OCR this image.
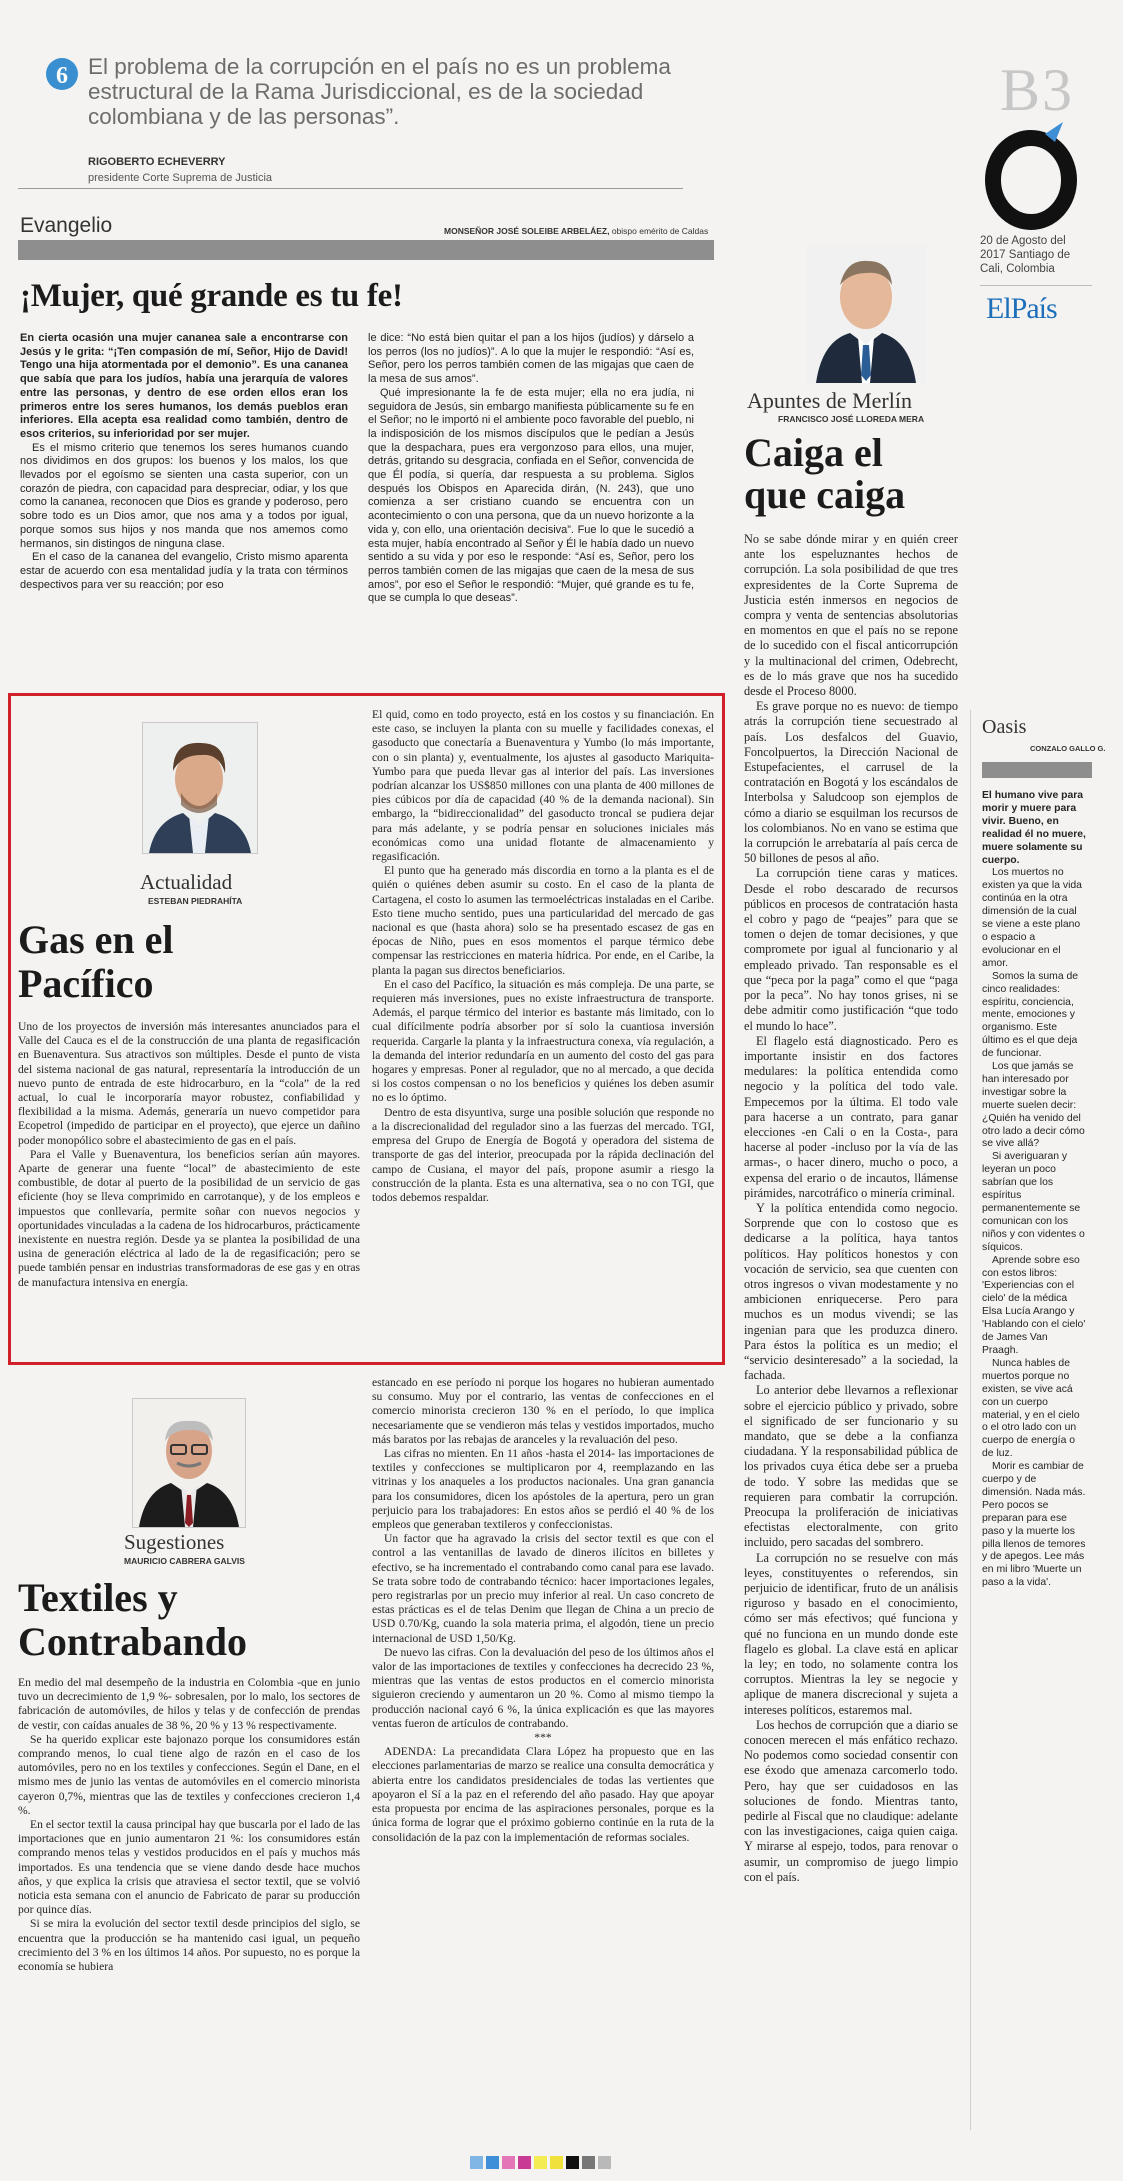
6 El problema de la corrupción en el país no es un problema estructural de la Rama Jurisdiccional, es de la sociedad colombiana y de las personas”.
RIGOBERTO ECHEVERRY
presidente Corte Suprema de Justicia
B3
20 de Agosto del 2017 Santiago de Cali, Colombia
ElPaís
Evangelio	MONSEÑOR JOSÉ SOLEIBE ARBELÁEZ, obispo emérito de Caldas
¡Mujer, qué grande es tu fe!

En cierta ocasión una mujer cananea sale a encontrarse con Jesús y le grita: “¡Ten compasión de mí, Señor, Hijo de David! Tengo una hija atormentada por el demonio”. Es una cananea que sabía que para los judíos, había una jerarquía de valores entre las personas, y dentro de ese orden ellos eran los primeros entre los seres humanos, los demás pueblos eran inferiores. Ella acepta esa realidad como también, dentro de esos criterios, su inferioridad por ser mujer.

Es el mismo criterio que tenemos los seres humanos cuando nos dividimos en dos grupos: los buenos y los malos, los que llevados por el egoísmo se sienten una casta superior, con un corazón de piedra, con capacidad para despreciar, odiar, y los que como la cananea, reconocen que Dios es grande y poderoso, pero sobre todo es un Dios amor, que nos ama y a todos por igual, porque somos sus hijos y nos manda que nos amemos como hermanos, sin distingos de ninguna clase.

En el caso de la cananea del evangelio, Cristo mismo aparenta estar de acuerdo con esa mentalidad judía y la trata con términos despectivos para ver su reacción; por eso

le dice: “No está bien quitar el pan a los hijos (judíos) y dárselo a los perros (los no judíos)”. A lo que la mujer le respondió: “Así es, Señor, pero los perros también comen de las migajas que caen de la mesa de sus amos”.

Qué impresionante la fe de esta mujer; ella no era judía, ni seguidora de Jesús, sin embargo manifiesta públicamente su fe en el Señor; no le importó ni el ambiente poco favorable del pueblo, ni la indisposición de los mismos discípulos que le pedían a Jesús que la despachara, pues era vergonzoso para ellos, una mujer, detrás, gritando su desgracia, confiada en el Señor, convencida de que Él podía, si quería, dar respuesta a su problema. Siglos después los Obispos en Aparecida dirán, (N. 243), que uno comienza a ser cristiano cuando se encuentra con un acontecimiento o con una persona, que da un nuevo horizonte a la vida y, con ello, una orientación decisiva”. Fue lo que le sucedió a esta mujer, había encontrado al Señor y Él le había dado un nuevo sentido a su vida y por eso le responde: “Así es, Señor, pero los perros también comen de las migajas que caen de la mesa de sus amos”, por eso el Señor le respondió: “Mujer, qué grande es tu fe, que se cumpla lo que deseas”.

Apuntes de Merlín
FRANCISCO JOSÉ LLOREDA MERA
Caiga el que caiga

No se sabe dónde mirar y en quién creer ante los espeluznantes hechos de corrupción. La sola posibilidad de que tres expresidentes de la Corte Suprema de Justicia estén inmersos en negocios de compra y venta de sentencias absolutorias en momentos en que el país no se repone de lo sucedido con el fiscal anticorrupción y la multinacional del crimen, Odebrecht, es de lo más grave que nos ha sucedido desde el Proceso 8000.

Es grave porque no es nuevo: de tiempo atrás la corrupción tiene secuestrado al país. Los desfalcos del Guavio, Foncolpuertos, la Dirección Nacional de Estupefacientes, el carrusel de la contratación en Bogotá y los escándalos de Interbolsa y Saludcoop son ejemplos de cómo a diario se esquilman los recursos de los colombianos. No en vano se estima que la corrupción le arrebataría al país cerca de 50 billones de pesos al año.

La corrupción tiene caras y matices. Desde el robo descarado de recursos públicos en procesos de contratación hasta el cobro y pago de “peajes” para que se tomen o dejen de tomar decisiones, y que compromete por igual al funcionario y al empleado privado. Tan responsable es el que “peca por la paga” como el que “paga por la peca”. No hay tonos grises, ni se debe admitir como justificación “que todo el mundo lo hace”.

El flagelo está diagnosticado. Pero es importante insistir en dos factores medulares: la política entendida como negocio y la política del todo vale. Empecemos por la última. El todo vale para hacerse a un contrato, para ganar elecciones -en Cali o en la Costa-, para hacerse al poder -incluso por la vía de las armas-, o hacer dinero, mucho o poco, a expensa del erario o de incautos, llámense pirámides, narcotráfico o minería criminal.

Y la política entendida como negocio. Sorprende que con lo costoso que es dedicarse a la política, haya tantos políticos. Hay políticos honestos y con vocación de servicio, sea que cuenten con otros ingresos o vivan modestamente y no ambicionen enriquecerse. Pero para muchos es un modus vivendi; se las ingenian para que les produzca dinero. Para éstos la política es un medio; el “servicio desinteresado” a la sociedad, la fachada.

Lo anterior debe llevarnos a reflexionar sobre el ejercicio público y privado, sobre el significado de ser funcionario y su mandato, que se debe a la confianza ciudadana. Y la responsabilidad pública de los privados cuya ética debe ser a prueba de todo. Y sobre las medidas que se requieren para combatir la corrupción. Preocupa la proliferación de iniciativas efectistas electoralmente, con grito incluido, pero sacadas del sombrero.

La corrupción no se resuelve con más leyes, constituyentes o referendos, sin perjuicio de identificar, fruto de un análisis riguroso y basado en el conocimiento, cómo ser más efectivos; qué funciona y qué no funciona en un mundo donde este flagelo es global. La clave está en aplicar la ley; en todo, no solamente contra los corruptos. Mientras la ley se negocie y aplique de manera discrecional y sujeta a intereses políticos, estaremos mal.

Los hechos de corrupción que a diario se conocen merecen el más enfático rechazo. No podemos como sociedad consentir con ese éxodo que amenaza carcomerlo todo. Pero, hay que ser cuidadosos en las soluciones de fondo. Mientras tanto, pedirle al Fiscal que no claudique: adelante con las investigaciones, caiga quien caiga. Y mirarse al espejo, todos, para renovar o asumir, un compromiso de juego limpio con el país.

Oasis
CONZALO GALLO G.

El humano vive para morir y muere para vivir. Bueno, en realidad él no muere, muere solamente su cuerpo.

Los muertos no existen ya que la vida continúa en la otra dimensión de la cual se viene a este plano o espacio a evolucionar en el amor.

Somos la suma de cinco realidades: espíritu, conciencia, mente, emociones y organismo. Este último es el que deja de funcionar.

Los que jamás se han interesado por investigar sobre la muerte suelen decir: ¿Quién ha venido del otro lado a decir cómo se vive allá?

Si averiguaran y leyeran un poco sabrían que los espíritus permanentemente se comunican con los niños y con videntes o síquicos.

Aprende sobre eso con estos libros: 'Experiencias con el cielo' de la médica Elsa Lucía Arango y 'Hablando con el cielo' de James Van Praagh.

Nunca hables de muertos porque no existen, se vive acá con un cuerpo material, y en el cielo o el otro lado con un cuerpo de energía o de luz.

Morir es cambiar de cuerpo y de dimensión. Nada más. Pero pocos se preparan para ese paso y la muerte los pilla llenos de temores y de apegos. Lee más en mi libro 'Muerte un paso a la vida'.

Actualidad
ESTEBAN PIEDRAHÍTA
Gas en el
Pacífico

Uno de los proyectos de inversión más interesantes anunciados para el Valle del Cauca es el de la construcción de una planta de regasificación en Buenaventura. Sus atractivos son múltiples. Desde el punto de vista del sistema nacional de gas natural, representaría la introducción de un nuevo punto de entrada de este hidrocarburo, en la “cola” de la red actual, lo cual le incorporaría mayor robustez, confiabilidad y flexibilidad a la misma. Además, generaría un nuevo competidor para Ecopetrol (impedido de participar en el proyecto), que ejerce un dañino poder monopólico sobre el abastecimiento de gas en el país.

Para el Valle y Buenaventura, los beneficios serían aún mayores. Aparte de generar una fuente “local” de abastecimiento de este combustible, de dotar al puerto de la posibilidad de un servicio de gas eficiente (hoy se lleva comprimido en carrotanque), y de los empleos e impuestos que conllevaría, permite soñar con nuevos negocios y oportunidades vinculadas a la cadena de los hidrocarburos, prácticamente inexistente en nuestra región. Desde ya se plantea la posibilidad de una usina de generación eléctrica al lado de la de regasificación; pero se puede también pensar en industrias transformadoras de ese gas y en otras de manufactura intensiva en energía.

El quid, como en todo proyecto, está en los costos y su financiación. En este caso, se incluyen la planta con su muelle y facilidades conexas, el gasoducto que conectaría a Buenaventura y Yumbo (lo más importante, con o sin planta) y, eventualmente, los ajustes al gasoducto Mariquita-Yumbo para que pueda llevar gas al interior del país. Las inversiones podrían alcanzar los US$850 millones con una planta de 400 millones de pies cúbicos por día de capacidad (40 % de la demanda nacional). Sin embargo, la “bidireccionalidad” del gasoducto troncal se pudiera dejar para más adelante, y se podría pensar en soluciones iniciales más económicas como una unidad flotante de almacenamiento y regasificación.

El punto que ha generado más discordia en torno a la planta es el de quién o quiénes deben asumir su costo. En el caso de la planta de Cartagena, el costo lo asumen las termoeléctricas instaladas en el Caribe. Esto tiene mucho sentido, pues una particularidad del mercado de gas nacional es que (hasta ahora) solo se ha presentado escasez de gas en épocas de Niño, pues en esos momentos el parque térmico debe compensar las restricciones en materia hídrica. Por ende, en el Caribe, la planta la pagan sus directos beneficiarios.

En el caso del Pacífico, la situación es más compleja. De una parte, se requieren más inversiones, pues no existe infraestructura de transporte. Además, el parque térmico del interior es bastante más limitado, con lo cual difícilmente podría absorber por sí solo la cuantiosa inversión requerida. Cargarle la planta y la infraestructura conexa, vía regulación, a la demanda del interior redundaría en un aumento del costo del gas para hogares y empresas. Poner al regulador, que no al mercado, a que decida si los costos compensan o no los beneficios y quiénes los deben asumir no es lo óptimo.

Dentro de esta disyuntiva, surge una posible solución que responde no a la discrecionalidad del regulador sino a las fuerzas del mercado. TGI, empresa del Grupo de Energía de Bogotá y operadora del sistema de transporte de gas del interior, preocupada por la rápida declinación del campo de Cusiana, el mayor del país, propone asumir a riesgo la construcción de la planta. Esta es una alternativa, sea o no con TGI, que todos debemos respaldar.

Sugestiones
MAURICIO CABRERA GALVIS
Textiles y
Contrabando

En medio del mal desempeño de la industria en Colombia -que en junio tuvo un decrecimiento de 1,9 %- sobresalen, por lo malo, los sectores de fabricación de automóviles, de hilos y telas y de confección de prendas de vestir, con caídas anuales de 38 %, 20 % y 13 % respectivamente.

Se ha querido explicar este bajonazo porque los consumidores están comprando menos, lo cual tiene algo de razón en el caso de los automóviles, pero no en los textiles y confecciones. Según el Dane, en el mismo mes de junio las ventas de automóviles en el comercio minorista cayeron 0,7%, mientras que las de textiles y confecciones crecieron 1,4 %.

En el sector textil la causa principal hay que buscarla por el lado de las importaciones que en junio aumentaron 21 %: los consumidores están comprando menos telas y vestidos producidos en el país y muchos más importados. Es una tendencia que se viene dando desde hace muchos años, y que explica la crisis que atraviesa el sector textil, que se volvió noticia esta semana con el anuncio de Fabricato de parar su producción por quince días.

Si se mira la evolución del sector textil desde principios del siglo, se encuentra que la producción se ha mantenido casi igual, un pequeño crecimiento del 3 % en los últimos 14 años. Por supuesto, no es porque la economía se hubiera

estancado en ese período ni porque los hogares no hubieran aumentado su consumo. Muy por el contrario, las ventas de confecciones en el comercio minorista crecieron 130 % en el período, lo que implica necesariamente que se vendieron más telas y vestidos importados, mucho más baratos por las rebajas de aranceles y la revaluación del peso.

Las cifras no mienten. En 11 años -hasta el 2014- las importaciones de textiles y confecciones se multiplicaron por 4, reemplazando en las vitrinas y los anaqueles a los productos nacionales. Una gran ganancia para los consumidores, dicen los apóstoles de la apertura, pero un gran perjuicio para los trabajadores: En estos años se perdió el 40 % de los empleos que generaban textileros y confeccionistas.

Un factor que ha agravado la crisis del sector textil es que con el control a las ventanillas de lavado de dineros ilícitos en billetes y efectivo, se ha incrementado el contrabando como canal para ese lavado. Se trata sobre todo de contrabando técnico: hacer importaciones legales, pero registrarlas por un precio muy inferior al real. Un caso concreto de estas prácticas es el de telas Denim que llegan de China a un precio de USD 0.70/Kg, cuando la sola materia prima, el algodón, tiene un precio internacional de USD 1,50/Kg.

De nuevo las cifras. Con la devaluación del peso de los últimos años el valor de las importaciones de textiles y confecciones ha decrecido 23 %, mientras que las ventas de estos productos en el comercio minorista siguieron creciendo y aumentaron un 20 %. Como al mismo tiempo la producción nacional cayó 6 %, la única explicación es que las mayores ventas fueron de artículos de contrabando.

***

ADENDA: La precandidata Clara López ha propuesto que en las elecciones parlamentarias de marzo se realice una consulta democrática y abierta entre los candidatos presidenciales de todas las vertientes que apoyaron el Sí a la paz en el referendo del año pasado. Hay que apoyar esta propuesta por encima de las aspiraciones personales, porque es la única forma de lograr que el próximo gobierno continúe en la ruta de la consolidación de la paz con la implementación de reformas sociales.
